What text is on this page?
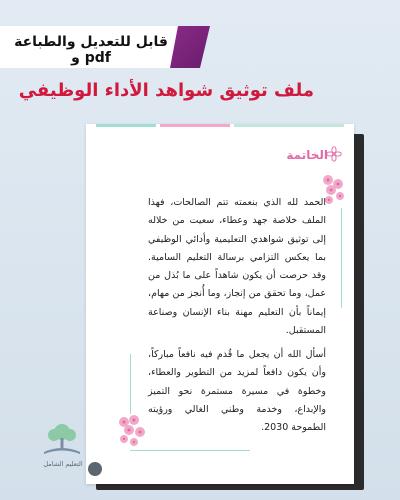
قابل للتعديل والطباعة pdf و
ملف توثيق شواهد الأداء الوظيفي
الخاتمة
الحمد لله الذي بنعمته تتم الصالحات، فهذا الملف خلاصة جهد وعطاء، سعيت من خلاله إلى توثيق شواهدي التعليمية وأدائي الوظيفي بما يعكس التزامي برسالة التعليم السامية. وقد حرصت أن يكون شاهداً على ما بُذل من عمل، وما تحقق من إنجاز، وما أُنجز من مهام، إيماناً بأن التعليم مهنة بناء الإنسان وصناعة المستقبل.
أسأل الله أن يجعل ما قُدم فيه نافعاً مباركاً، وأن يكون دافعاً لمزيد من التطوير والعطاء، وخطوة في مسيرة مستمرة نحو التميز والإبداع، وخدمة وطني الغالي ورؤيته الطموحة 2030.
التعليم الشامل
